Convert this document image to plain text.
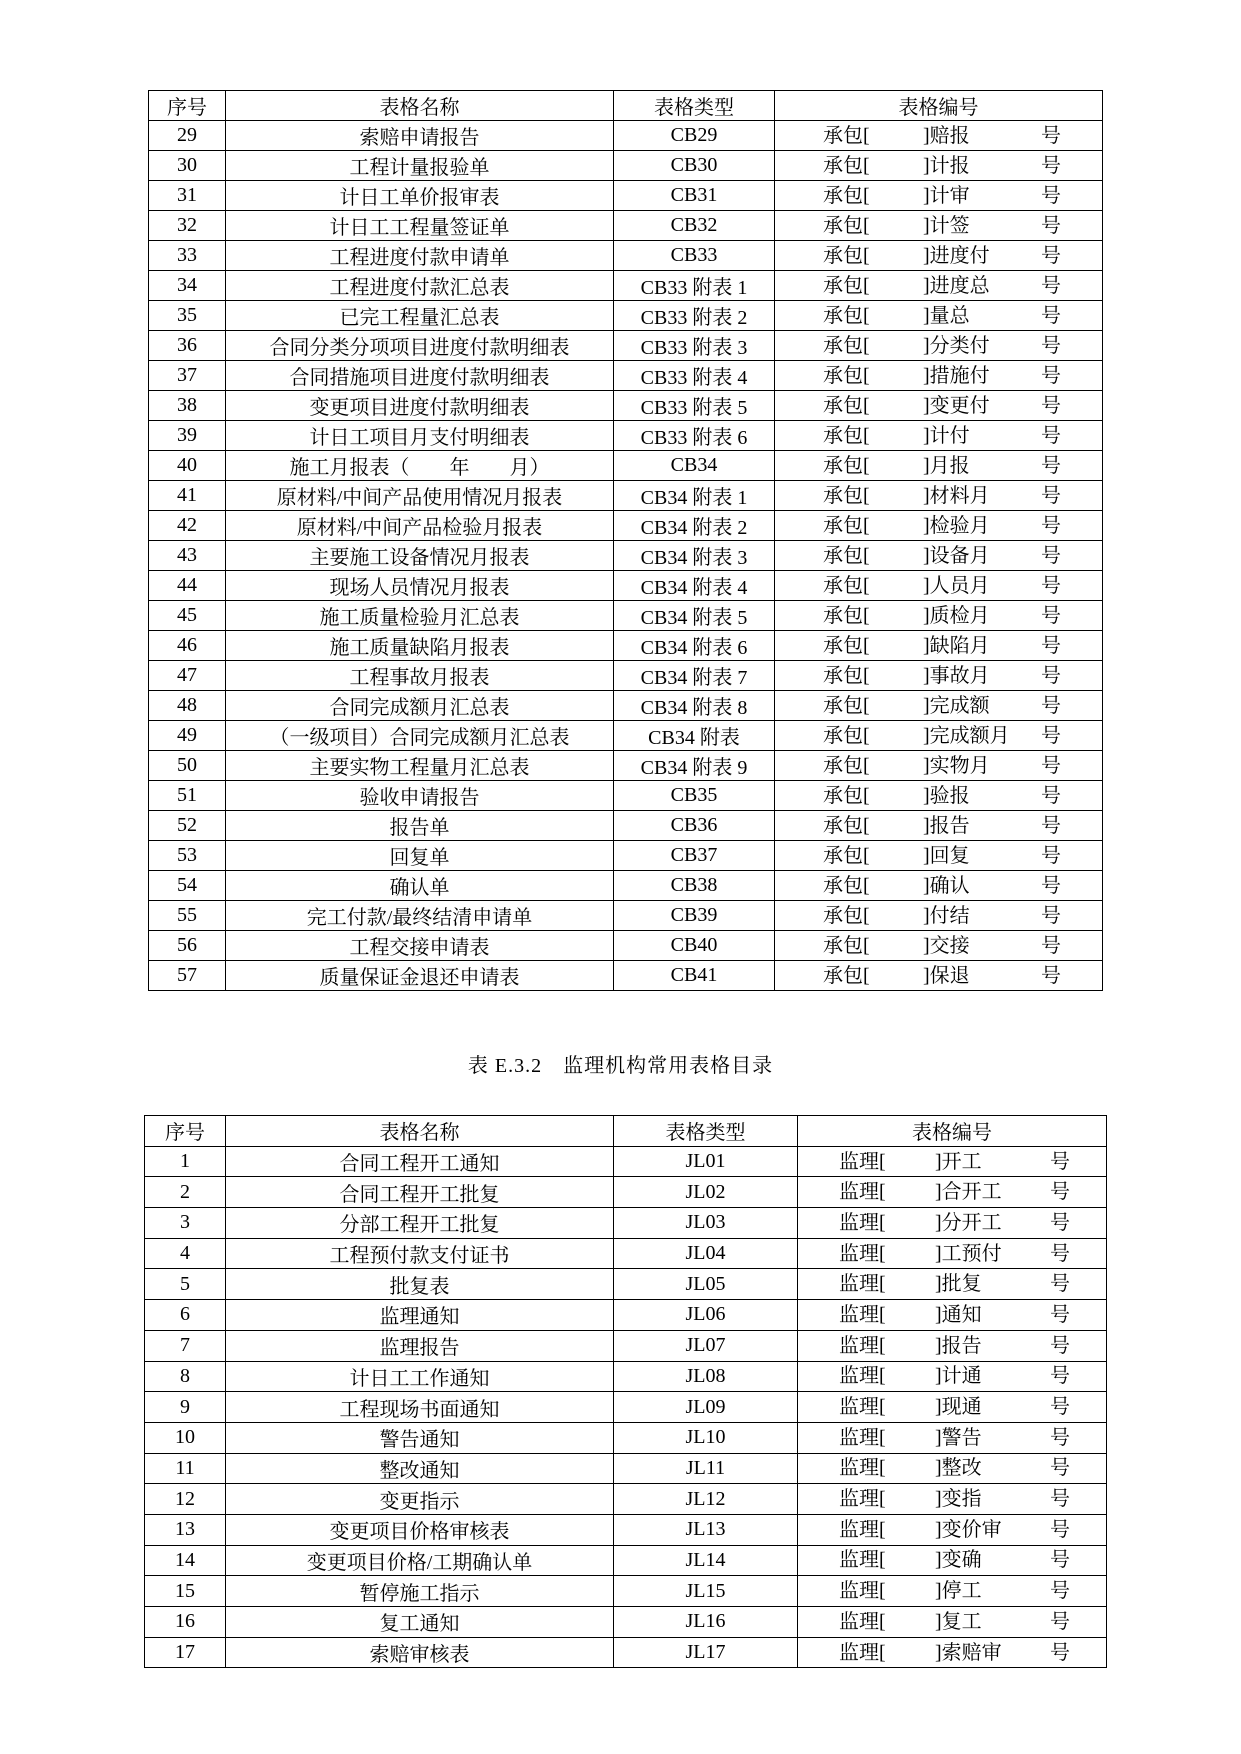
序号	表格名称	表格类型	表格编号
29	索赔申请报告	CB29	承包[ ]赔报 号

30	工程计量报验单	CB30	承包[ ]计报 号

31	计日工单价报审表	CB31	承包[ ]计审 号

32	计日工工程量签证单	CB32	承包[ ]计签 号

33	工程进度付款申请单	CB33	承包[ ]进度付 号

34	工程进度付款汇总表	CB33 附表 1	承包[ ]进度总 号

35	已完工程量汇总表	CB33 附表 2	承包[ ]量总 号

36	合同分类分项项目进度付款明细表	CB33 附表 3	承包[ ]分类付 号

37	合同措施项目进度付款明细表	CB33 附表 4	承包[ ]措施付 号

38	变更项目进度付款明细表	CB33 附表 5	承包[ ]变更付 号

39	计日工项目月支付明细表	CB33 附表 6	承包[ ]计付 号

40	施工月报表（　　年　　月）	CB34	承包[ ]月报 号

41	原材料/中间产品使用情况月报表	CB34 附表 1	承包[ ]材料月 号

42	原材料/中间产品检验月报表	CB34 附表 2	承包[ ]检验月 号

43	主要施工设备情况月报表	CB34 附表 3	承包[ ]设备月 号

44	现场人员情况月报表	CB34 附表 4	承包[ ]人员月 号

45	施工质量检验月汇总表	CB34 附表 5	承包[ ]质检月 号

46	施工质量缺陷月报表	CB34 附表 6	承包[ ]缺陷月 号

47	工程事故月报表	CB34 附表 7	承包[ ]事故月 号

48	合同完成额月汇总表	CB34 附表 8	承包[ ]完成额 号

49	（一级项目）合同完成额月汇总表	CB34 附表	承包[ ]完成额月 号

50	主要实物工程量月汇总表	CB34 附表 9	承包[ ]实物月 号

51	验收申请报告	CB35	承包[ ]验报 号

52	报告单	CB36	承包[ ]报告 号

53	回复单	CB37	承包[ ]回复 号

54	确认单	CB38	承包[ ]确认 号

55	完工付款/最终结清申请单	CB39	承包[ ]付结 号

56	工程交接申请表	CB40	承包[ ]交接 号

57	质量保证金退还申请表	CB41	承包[ ]保退 号
表 E.3.2　监理机构常用表格目录
序号	表格名称	表格类型	表格编号
1	合同工程开工通知	JL01	监理[ ]开工 号

2	合同工程开工批复	JL02	监理[ ]合开工 号

3	分部工程开工批复	JL03	监理[ ]分开工 号

4	工程预付款支付证书	JL04	监理[ ]工预付 号

5	批复表	JL05	监理[ ]批复 号

6	监理通知	JL06	监理[ ]通知 号

7	监理报告	JL07	监理[ ]报告 号

8	计日工工作通知	JL08	监理[ ]计通 号

9	工程现场书面通知	JL09	监理[ ]现通 号

10	警告通知	JL10	监理[ ]警告 号

11	整改通知	JL11	监理[ ]整改 号

12	变更指示	JL12	监理[ ]变指 号

13	变更项目价格审核表	JL13	监理[ ]变价审 号

14	变更项目价格/工期确认单	JL14	监理[ ]变确 号

15	暂停施工指示	JL15	监理[ ]停工 号

16	复工通知	JL16	监理[ ]复工 号

17	索赔审核表	JL17	监理[ ]索赔审 号
